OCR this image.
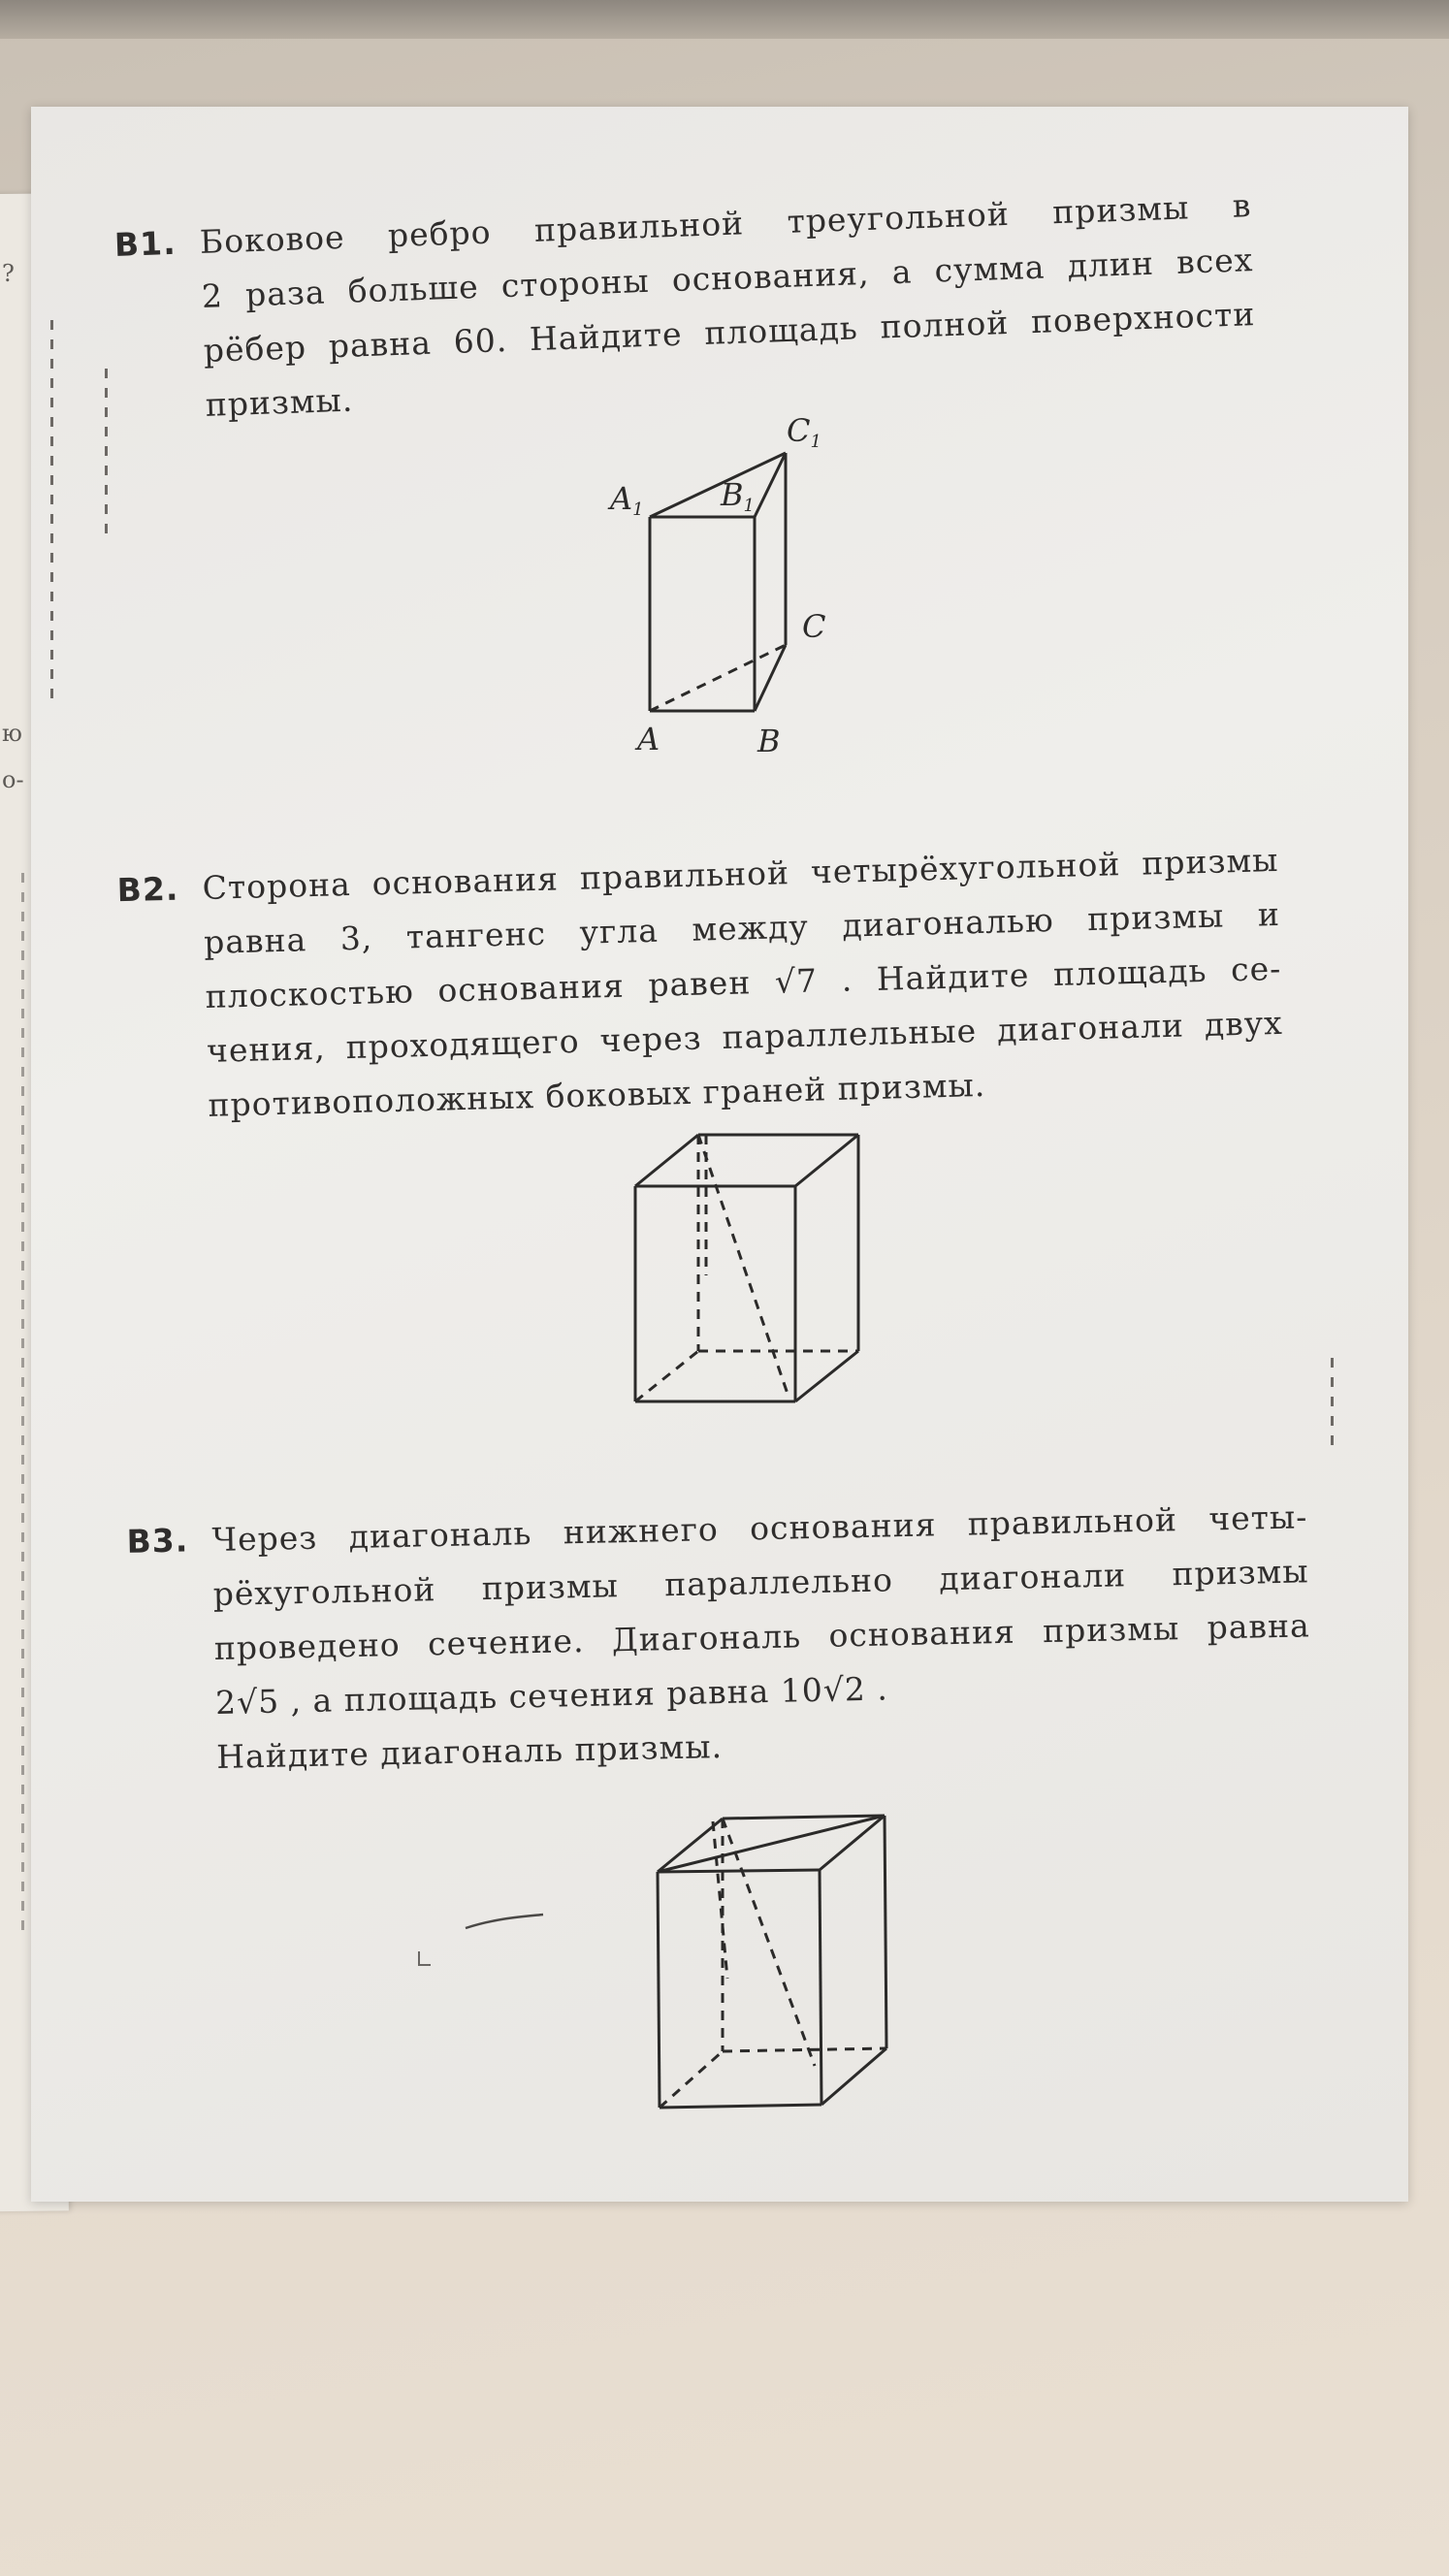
?
ю
о-
В1. Боковое ребро правильной треугольной призмы в
2 раза больше стороны основания, а сумма длин всех
рёбер равна 60. Найдите площадь полной поверхности
призмы.
A1 B1
C1
C
A	B
В2. Сторона основания правильной четырёхугольной призмы
равна 3, тангенс угла между диагональю призмы и
плоскостью основания равен √7 . Найдите площадь се-
чения, проходящего через параллельные диагонали двух
противоположных боковых граней призмы.
В3. Через диагональ нижнего основания правильной четы-
рёхугольной призмы параллельно диагонали призмы
проведено сечение. Диагональ основания призмы равна
2√5 , а площадь сечения равна 10√2 .
Найдите диагональ призмы.
